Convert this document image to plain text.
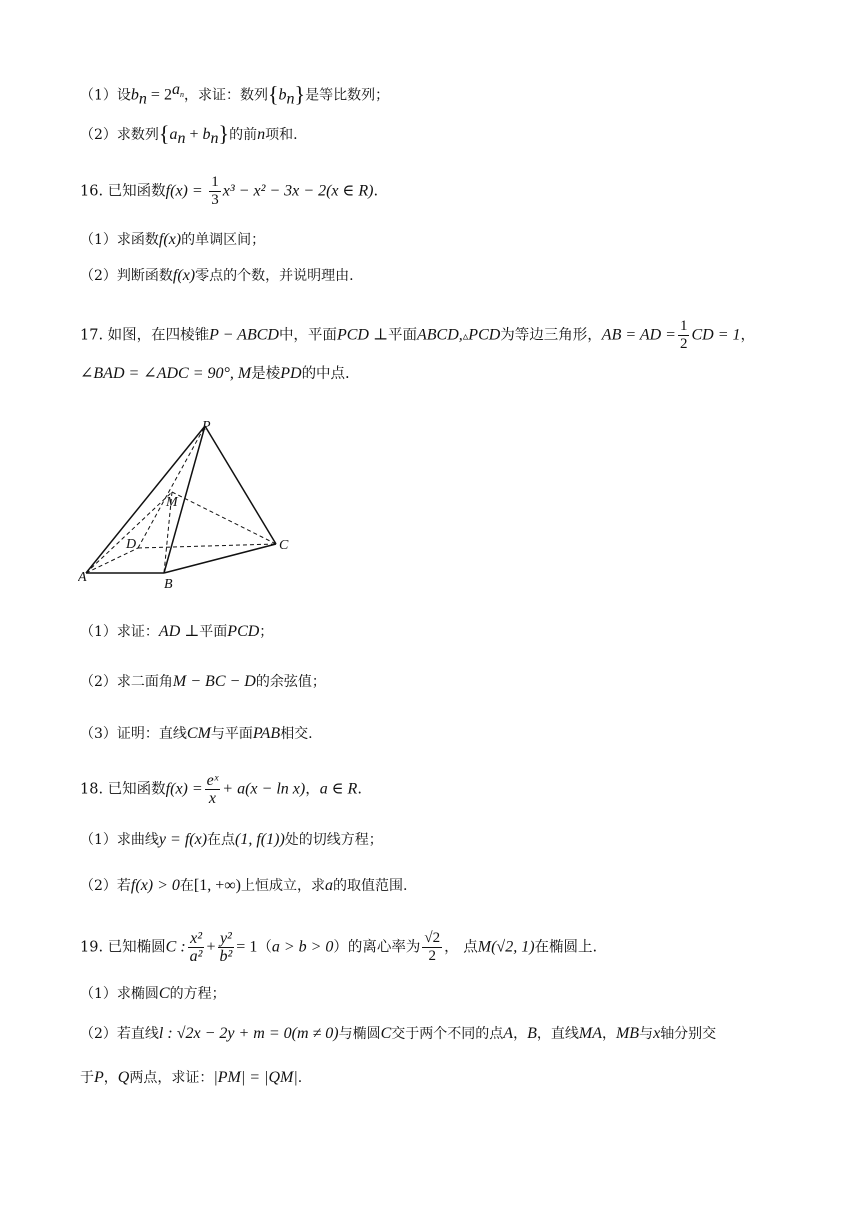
（1）设$b_n = 2^{a_n}$，求证：数列$\{b_n\}$是等比数列；
（2）求数列$\{a_n + b_n\}$的前n项和.
16. 已知函数$f(x) = \frac{1}{3} x^3 - x^2 - 3x - 2(x$ ∈ R).
（1）求函数f(x)的单调区间；
（2）判断函数f(x)零点的个数，并说明理由.
17. 如图，在四棱锥P − ABCD中，平面PCD ⊥平面ABCD,▵PCD为等边三角形，AB = AD = $\frac{1}{2}$ CD = 1，
∠BAD = ∠ADC = 90°, M是棱PD的中点.
P
M
D	C
A	B
（1）求证：AD ⊥平面PCD；
（2）求二面角M − BC − D的余弦值；
（3）证明：直线CM与平面PAB相交.
18. 已知函数$f(x) = \frac{\text{eˣ}}{x} + a(x - \ln x)$，a ∈ R.
（1）求曲线y = f(x)在点(1, f(1))处的切线方程；
（2）若f(x) > 0在[1, +∞)上恒成立，求a的取值范围.
19. 已知椭圆C : $\frac{\text{x²}}{\text{a²}} + \frac{\text{y²}}{\text{b²}} = 1(a > b > 0)$的离心率为 $\frac{√2}{2}$ ， 点M(√2, 1)在椭圆上.
（1）求椭圆C的方程；
（2）若直线l : √2x − 2y + m = 0(m ≠ 0)与椭圆C交于两个不同的点A，B，直线MA，MB与x轴分别交
于P，Q两点，求证：|PM| = |QM|.
